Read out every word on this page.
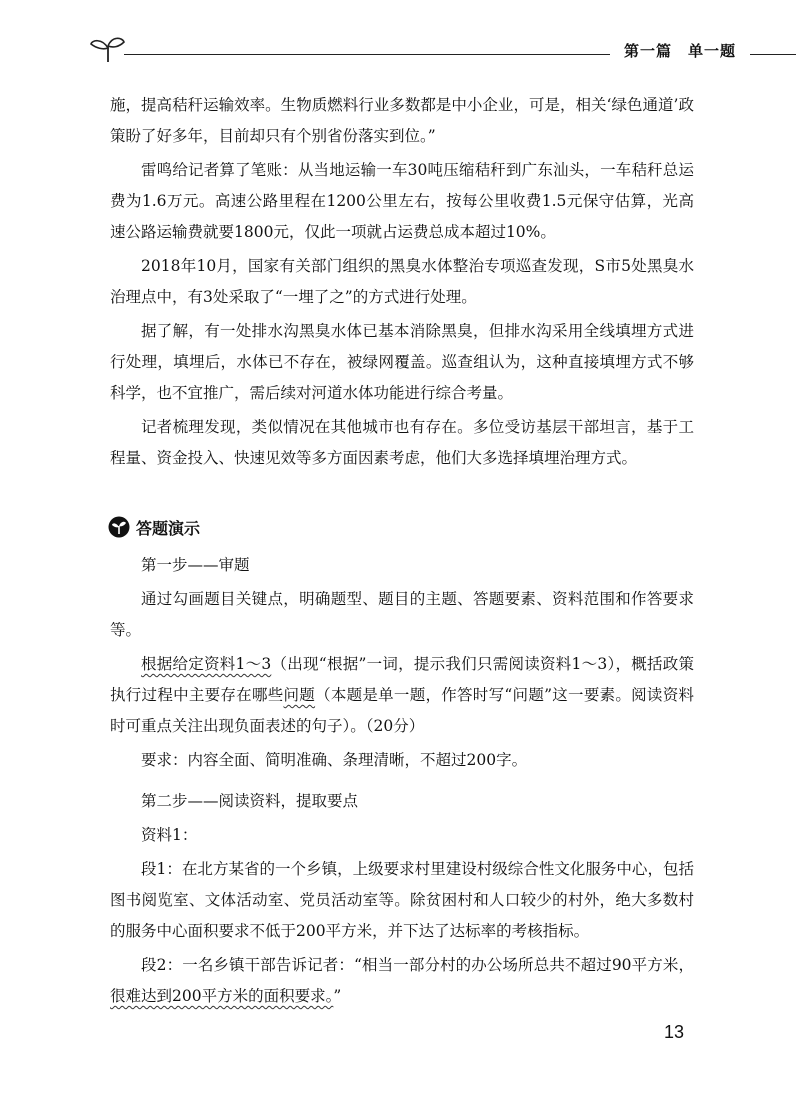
第一篇　单一题

施，提高秸秆运输效率。生物质燃料行业多数都是中小企业，可是，相关‘绿色通道’政策盼了好多年，目前却只有个别省份落实到位。”

雷鸣给记者算了笔账：从当地运输一车30吨压缩秸秆到广东汕头，一车秸秆总运费为1.6万元。高速公路里程在1200公里左右，按每公里收费1.5元保守估算，光高速公路运输费就要1800元，仅此一项就占运费总成本超过10%。

2018年10月，国家有关部门组织的黑臭水体整治专项巡查发现，S市5处黑臭水治理点中，有3处采取了“一埋了之”的方式进行处理。

据了解，有一处排水沟黑臭水体已基本消除黑臭，但排水沟采用全线填埋方式进行处理，填埋后，水体已不存在，被绿网覆盖。巡查组认为，这种直接填埋方式不够科学，也不宜推广，需后续对河道水体功能进行综合考量。

记者梳理发现，类似情况在其他城市也有存在。多位受访基层干部坦言，基于工程量、资金投入、快速见效等多方面因素考虑，他们大多选择填埋治理方式。

答题演示

第一步——审题

通过勾画题目关键点，明确题型、题目的主题、答题要素、资料范围和作答要求等。

根据给定资料1～3（出现“根据”一词，提示我们只需阅读资料1～3），概括政策执行过程中主要存在哪些问题（本题是单一题，作答时写“问题”这一要素。阅读资料时可重点关注出现负面表述的句子）。（20分）

要求：内容全面、简明准确、条理清晰，不超过200字。

第二步——阅读资料，提取要点

资料1：

段1：在北方某省的一个乡镇，上级要求村里建设村级综合性文化服务中心，包括图书阅览室、文体活动室、党员活动室等。除贫困村和人口较少的村外，绝大多数村的服务中心面积要求不低于200平方米，并下达了达标率的考核指标。

段2：一名乡镇干部告诉记者：“相当一部分村的办公场所总共不超过90平方米，很难达到200平方米的面积要求。”

13
